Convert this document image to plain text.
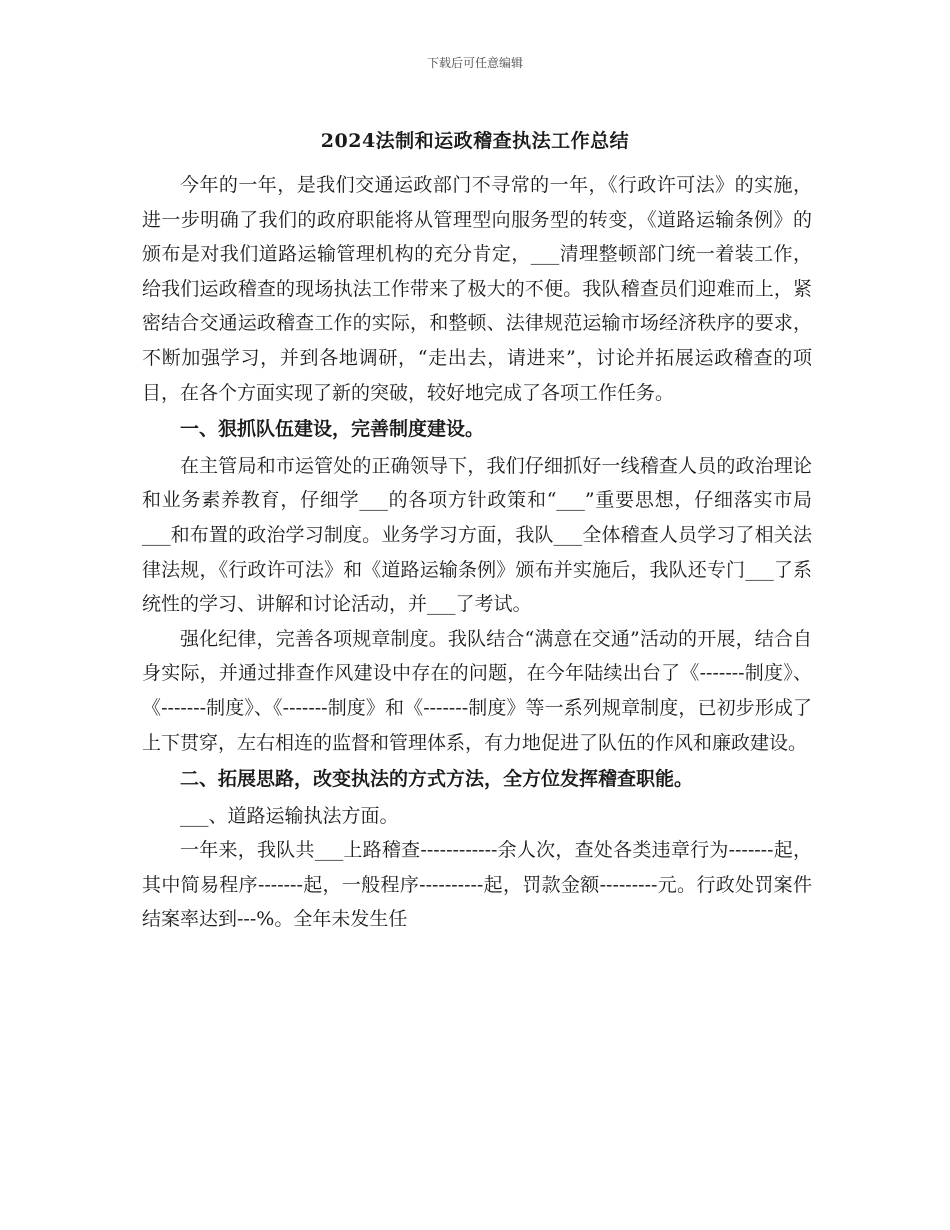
下载后可任意编辑
2024法制和运政稽查执法工作总结

今年的一年，是我们交通运政部门不寻常的一年，《行政许可法》的实施，进一步明确了我们的政府职能将从管理型向服务型的转变，《道路运输条例》的颁布是对我们道路运输管理机构的充分肯定，___清理整顿部门统一着装工作，给我们运政稽查的现场执法工作带来了极大的不便。我队稽查员们迎难而上，紧密结合交通运政稽查工作的实际，和整顿、法律规范运输市场经济秩序的要求，不断加强学习，并到各地调研，“走出去，请进来”，讨论并拓展运政稽查的项目，在各个方面实现了新的突破，较好地完成了各项工作任务。

一、狠抓队伍建设，完善制度建设。

在主管局和市运管处的正确领导下，我们仔细抓好一线稽查人员的政治理论和业务素养教育，仔细学___的各项方针政策和“___”重要思想，仔细落实市局___和布置的政治学习制度。业务学习方面，我队___全体稽查人员学习了相关法律法规，《行政许可法》和《道路运输条例》颁布并实施后，我队还专门___了系统性的学习、讲解和讨论活动，并___了考试。

强化纪律，完善各项规章制度。我队结合“满意在交通”活动的开展，结合自身实际，并通过排查作风建设中存在的问题，在今年陆续出台了《-------制度》、《-------制度》、《-------制度》和《-------制度》等一系列规章制度，已初步形成了上下贯穿，左右相连的监督和管理体系，有力地促进了队伍的作风和廉政建设。

二、拓展思路，改变执法的方式方法，全方位发挥稽查职能。

___、道路运输执法方面。

一年来，我队共___上路稽查------------余人次，查处各类违章行为-------起，其中简易程序-------起，一般程序----------起，罚款金额---------元。行政处罚案件结案率达到---%。全年未发生任
